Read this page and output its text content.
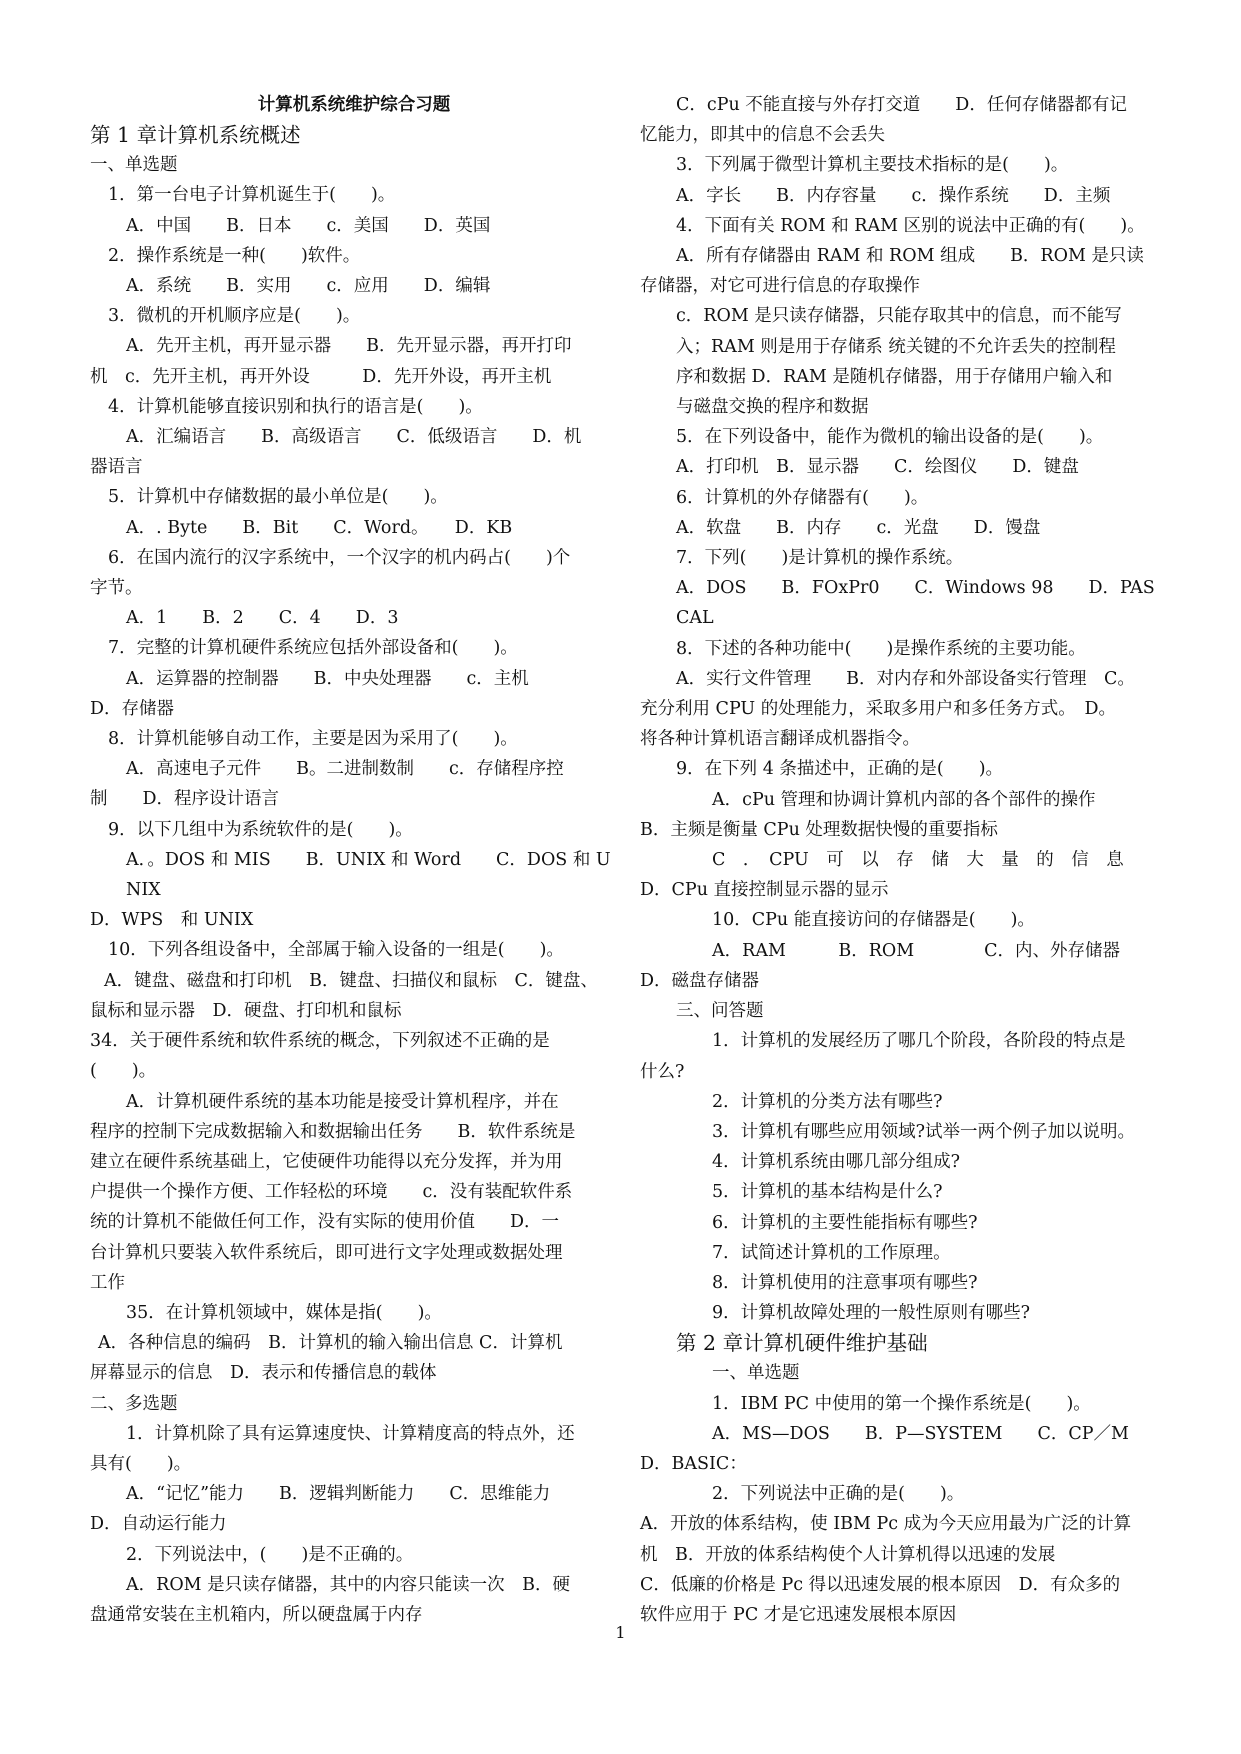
计算机系统维护综合习题

第 1 章计算机系统概述

一、单选题

1．第一台电子计算机诞生于(　　)。

A．中国　　B．日本　　c．美国　　D．英国

2．操作系统是一种(　　)软件。

A．系统　　B．实用　　c．应用　　D．编辑

3．微机的开机顺序应是(　　)。

A．先开主机，再开显示器　　B．先开显示器，再开打印

机　c．先开主机，再开外设　　　D．先开外设，再开主机

4．计算机能够直接识别和执行的语言是(　　)。

A．汇编语言　　B．高级语言　　C．低级语言　　D．机

器语言

5．计算机中存储数据的最小单位是(　　)。

A．. Byte　　B．Bit　　C．Word。　　D．KB

6．在国内流行的汉字系统中，一个汉字的机内码占(　　)个

字节。

A．1　　B．2　　C．4　　D．3

7．完整的计算机硬件系统应包括外部设备和(　　)。

A．运算器的控制器　　B．中央处理器　　c．主机

D．存储器

8．计算机能够自动工作，主要是因为采用了(　　)。

A．高速电子元件　　B。二进制数制　　c．存储程序控

制　　D．程序设计语言

9．以下几组中为系统软件的是(　　)。

A．。DOS 和 MIS　　B．UNIX 和 Word　　C．DOS 和 UNIX

D．WPS　和 UNIX

10．下列各组设备中，全部属于输入设备的一组是(　　)。

A．键盘、磁盘和打印机　B．键盘、扫描仪和鼠标　C．键盘、

鼠标和显示器　D．硬盘、打印机和鼠标

34．关于硬件系统和软件系统的概念，下列叙述不正确的是

(　　)。

A．计算机硬件系统的基本功能是接受计算机程序，并在

程序的控制下完成数据输入和数据输出任务　　B．软件系统是

建立在硬件系统基础上，它使硬件功能得以充分发挥，并为用

户提供一个操作方便、工作轻松的环境　　c．没有装配软件系

统的计算机不能做任何工作，没有实际的使用价值　　D．一

台计算机只要装入软件系统后，即可进行文字处理或数据处理

工作

35．在计算机领域中，媒体是指(　　)。

A．各种信息的编码　B．计算机的输入输出信息 C．计算机

屏幕显示的信息　D．表示和传播信息的载体

二、多选题

1．计算机除了具有运算速度快、计算精度高的特点外，还

具有(　　)。

A．“记忆”能力　　B．逻辑判断能力　　C．思维能力

D．自动运行能力

2．下列说法中，(　　)是不正确的。

A．ROM 是只读存储器，其中的内容只能读一次　B．硬

盘通常安装在主机箱内，所以硬盘属于内存

C．cPu 不能直接与外存打交道　　D．任何存储器都有记

忆能力，即其中的信息不会丢失

3．下列属于微型计算机主要技术指标的是(　　)。

A．字长　　B．内存容量　　c．操作系统　　D．主频

4．下面有关 ROM 和 RAM 区别的说法中正确的有(　　)。

A．所有存储器由 RAM 和 ROM 组成　　B．ROM 是只读

存储器，对它可进行信息的存取操作

c．ROM 是只读存储器，只能存取其中的信息，而不能写

入；RAM 则是用于存储系 统关键的不允许丢失的控制程

序和数据 D．RAM 是随机存储器，用于存储用户输入和

与磁盘交换的程序和数据

5．在下列设备中，能作为微机的输出设备的是(　　)。

A．打印机　B．显示器　　C．绘图仪　　D．键盘

6．计算机的外存储器有(　　)。

A．软盘　　B．内存　　c．光盘　　D．馒盘

7．下列(　　)是计算机的操作系统。

A．DOS　　B．FOxPr0　　C．Windows 98　　D．PASCAL

8．下述的各种功能中(　　)是操作系统的主要功能。

A．实行文件管理　　B．对内存和外部设备实行管理　C。

充分利用 CPU 的处理能力，采取多用户和多任务方式。　D。

将各种计算机语言翻译成机器指令。

9．在下列 4 条描述中，正确的是(　　)。

A．cPu 管理和协调计算机内部的各个部件的操作

B．主频是衡量 CPu 处理数据快慢的重要指标

C　．　CPU　可　以　存　储　大　量　的　信　息

D．CPu 直接控制显示器的显示

10．CPu 能直接访问的存储器是(　　)。

A．RAM　　　B．ROM　　　　C．内、外存储器

D．磁盘存储器

三、问答题

1．计算机的发展经历了哪几个阶段，各阶段的特点是

什么?

2．计算机的分类方法有哪些?

3．计算机有哪些应用领域?试举一两个例子加以说明。

4．计算机系统由哪几部分组成?

5．计算机的基本结构是什么?

6．计算机的主要性能指标有哪些?

7．试简述计算机的工作原理。

8．计算机使用的注意事项有哪些?

9．计算机故障处理的一般性原则有哪些?

第 2 章计算机硬件维护基础

一、单选题

1．IBM PC 中使用的第一个操作系统是(　　)。

A．MS—DOS　　B．P—SYSTEM　　C．CP／M

D．BASIC：

2．下列说法中正确的是(　　)。

A．开放的体系结构，使 IBM Pc 成为今天应用最为广泛的计算

机　B．开放的体系结构使个人计算机得以迅速的发展

C．低廉的价格是 Pc 得以迅速发展的根本原因　D．有众多的

软件应用于 PC 才是它迅速发展根本原因

1
